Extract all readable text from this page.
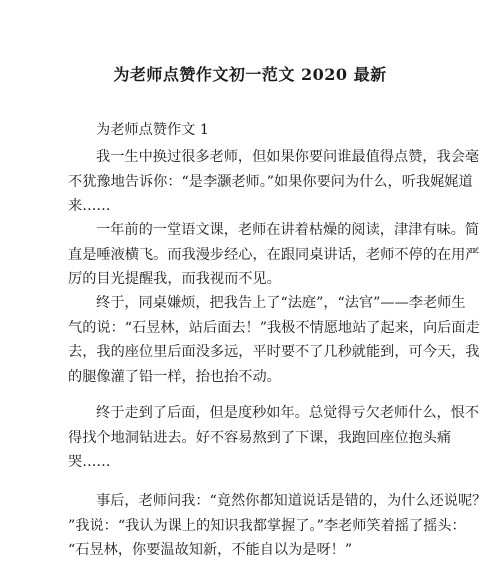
为老师点赞作文初一范文 2020 最新
为老师点赞作文 1
我一生中换过很多老师，但如果你要问谁最值得点赞，我会毫
不犹豫地告诉你：“是李灏老师。”如果你要问为什么，听我娓娓道
来……
一年前的一堂语文课，老师在讲着枯燥的阅读，津津有味。简
直是唾液横飞。而我漫步经心，在跟同桌讲话，老师不停的在用严
厉的目光提醒我，而我视而不见。
终于，同桌嫌烦，把我告上了“法庭”，“法官”——李老师生
气的说：“石昱林，站后面去！”我极不情愿地站了起来，向后面走
去，我的座位里后面没多远，平时要不了几秒就能到，可今天，我
的腿像灌了铅一样，抬也抬不动。
终于走到了后面，但是度秒如年。总觉得亏欠老师什么，恨不
得找个地洞钻进去。好不容易熬到了下课，我跑回座位抱头痛
哭……
事后，老师问我：“竟然你都知道说话是错的，为什么还说呢？
”我说：“我认为课上的知识我都掌握了。”李老师笑着摇了摇头：
“石昱林，你要温故知新，不能自以为是呀！”
